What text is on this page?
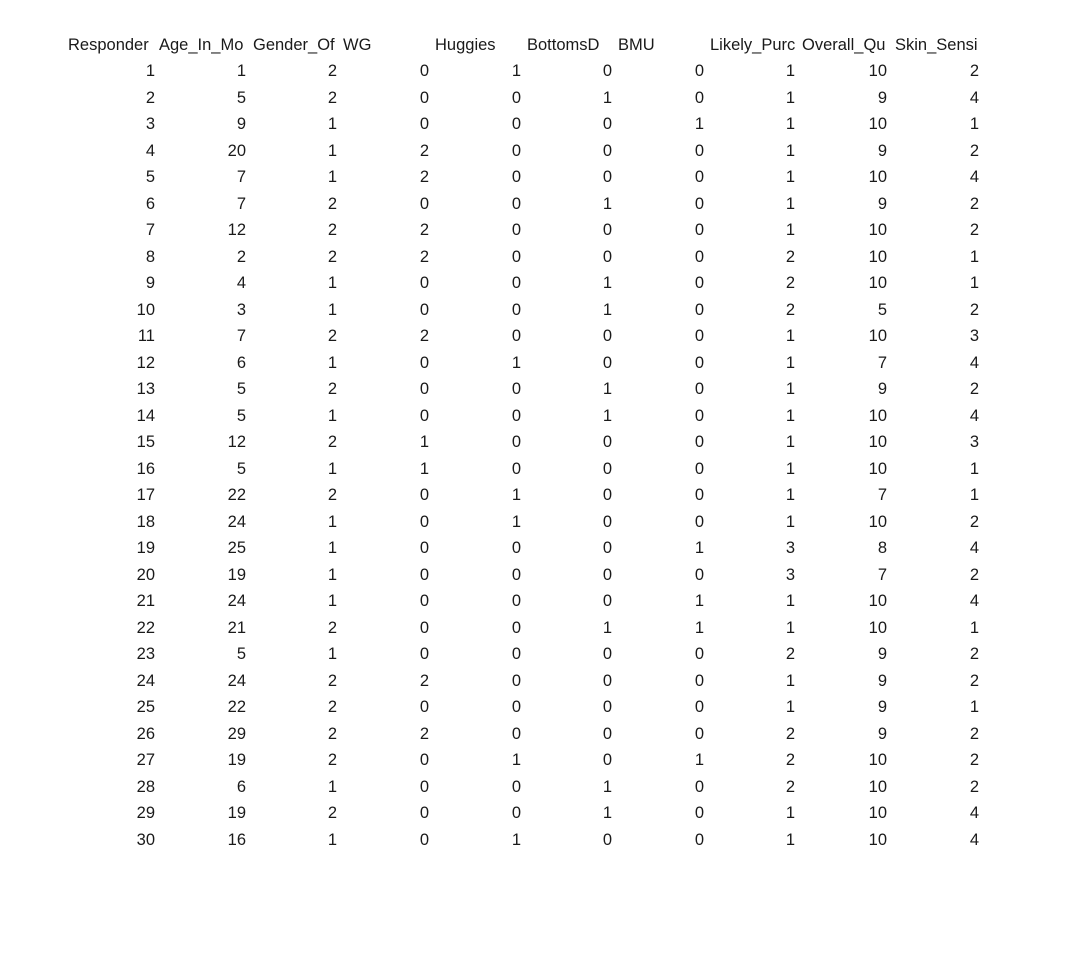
Responder Age_In_Mo Gender_Of WG	Huggies	BottomsD	BMU	Likely_Purc Overall_Qu Skin_Sensi
1	1	2	0	1	0	0	1	10	2
2	5	2	0	0	1	0	1	9	4
3	9	1	0	0	0	1	1	10	1
4	20	1	2	0	0	0	1	9	2
5	7	1	2	0	0	0	1	10	4
6	7	2	0	0	1	0	1	9	2
7	12	2	2	0	0	0	1	10	2
8	2	2	2	0	0	0	2	10	1
9	4	1	0	0	1	0	2	10	1
10	3	1	0	0	1	0	2	5	2
11	7	2	2	0	0	0	1	10	3
12	6	1	0	1	0	0	1	7	4
13	5	2	0	0	1	0	1	9	2
14	5	1	0	0	1	0	1	10	4
15	12	2	1	0	0	0	1	10	3
16	5	1	1	0	0	0	1	10	1
17	22	2	0	1	0	0	1	7	1
18	24	1	0	1	0	0	1	10	2
19	25	1	0	0	0	1	3	8	4
20	19	1	0	0	0	0	3	7	2
21	24	1	0	0	0	1	1	10	4
22	21	2	0	0	1	1	1	10	1
23	5	1	0	0	0	0	2	9	2
24	24	2	2	0	0	0	1	9	2
25	22	2	0	0	0	0	1	9	1
26	29	2	2	0	0	0	2	9	2
27	19	2	0	1	0	1	2	10	2
28	6	1	0	0	1	0	2	10	2
29	19	2	0	0	1	0	1	10	4
30	16	1	0	1	0	0	1	10	4
